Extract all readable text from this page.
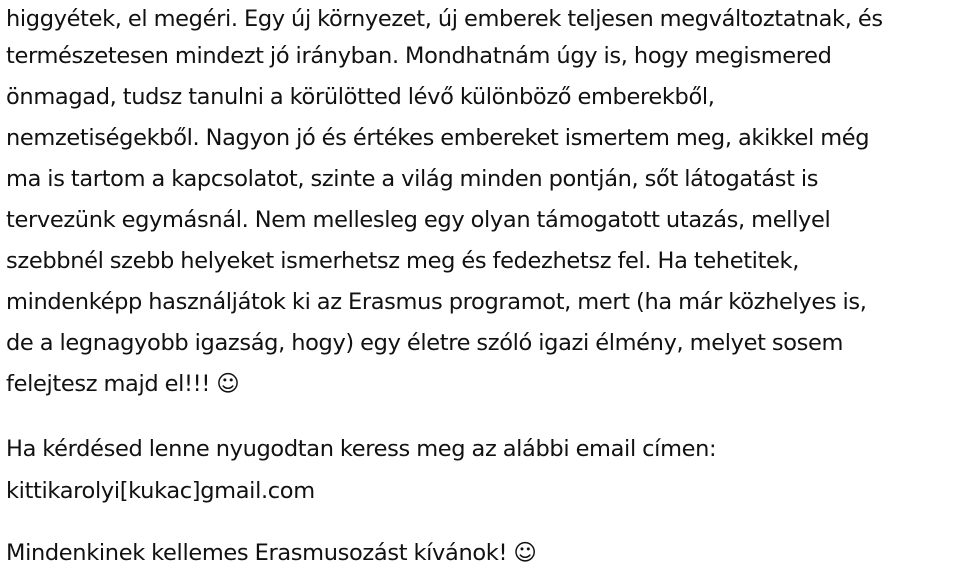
higgyétek, el megéri. Egy új környezet, új emberek teljesen megváltoztatnak, és
természetesen mindezt jó irányban. Mondhatnám úgy is, hogy megismered
önmagad, tudsz tanulni a körülötted lévő különböző emberekből,
nemzetiségekből. Nagyon jó és értékes embereket ismertem meg, akikkel még
ma is tartom a kapcsolatot, szinte a világ minden pontján, sőt látogatást is
tervezünk egymásnál. Nem mellesleg egy olyan támogatott utazás, mellyel
szebbnél szebb helyeket ismerhetsz meg és fedezhetsz fel. Ha tehetitek,
mindenképp használjátok ki az Erasmus programot, mert (ha már közhelyes is,
de a legnagyobb igazság, hogy) egy életre szóló igazi élmény, melyet sosem
felejtesz majd el!!! ☺
Ha kérdésed lenne nyugodtan keress meg az alábbi email címen:
kittikarolyi[kukac]gmail.com
Mindenkinek kellemes Erasmusozást kívánok! ☺
